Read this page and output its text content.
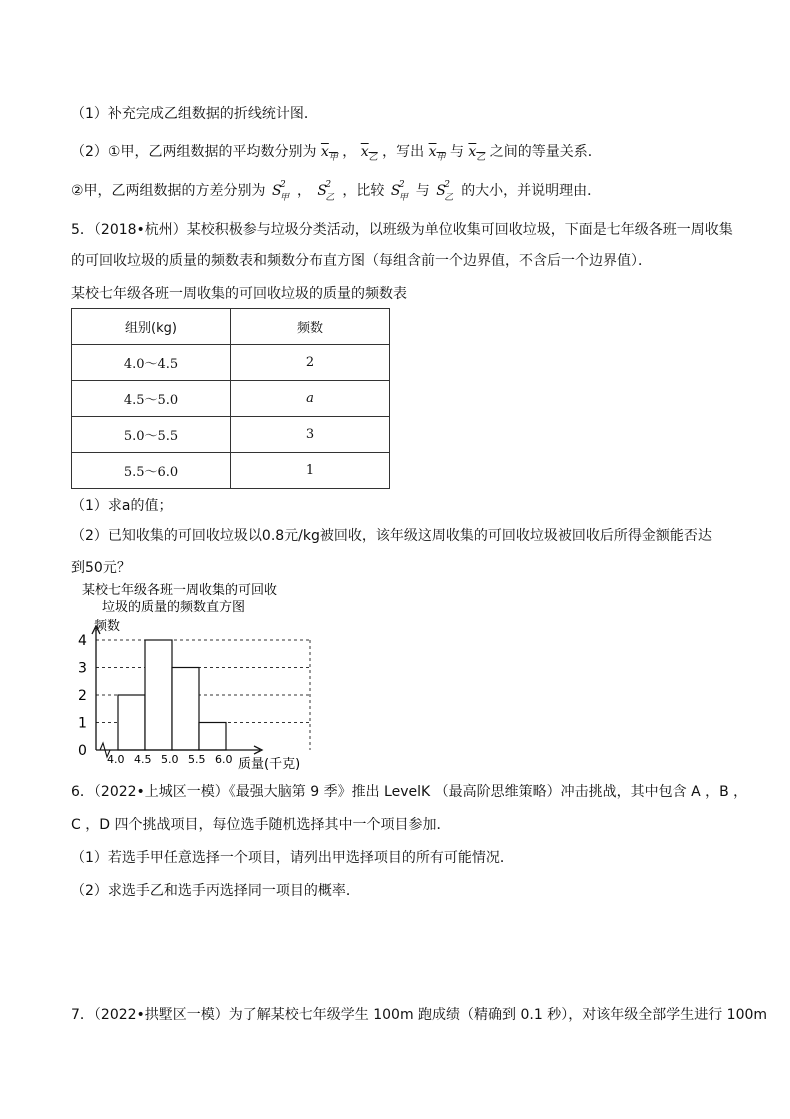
（1）补充完成乙组数据的折线统计图．
（2）①甲，乙两组数据的平均数分别为 $x_甲$ ， $x_乙$ ，写出 $x_甲$ 与 $x_乙$ 之间的等量关系．
②甲，乙两组数据的方差分别为 S
2
甲 ， S
2
乙 ，比较 S
2
甲 与 S
2
乙 的大小，并说明理由．
5．（2018•杭州）某校积极参与垃圾分类活动，以班级为单位收集可回收垃圾，下面是七年级各班一周收集
的可回收垃圾的质量的频数表和频数分布直方图（每组含前一个边界值，不含后一个边界值）．
某校七年级各班一周收集的可回收垃圾的质量的频数表
组别(kg)	频数
4.0～4.5	2
4.5～5.0	a
5.0～5.5	3
5.5～6.0	1
（1）求a的值；
（2）已知收集的可回收垃圾以0.8元/kg被回收，该年级这周收集的可回收垃圾被回收后所得金额能否达
到50元？
某校七年级各班一周收集的可回收
垃圾的质量的频数直方图
频数
0
1
2
3
4
4.0 4.5 5.0 5.5 6.0 质量(千克)
6．（2022•上城区一模）《最强大脑第 9 季》推出 LevelK （最高阶思维策略）冲击挑战，其中包含 A ，B ，
C ，D 四个挑战项目，每位选手随机选择其中一个项目参加．
（1）若选手甲任意选择一个项目，请列出甲选择项目的所有可能情况．
（2）求选手乙和选手丙选择同一项目的概率．
7．（2022•拱墅区一模）为了解某校七年级学生 100m 跑成绩（精确到 0.1 秒），对该年级全部学生进行 100m
